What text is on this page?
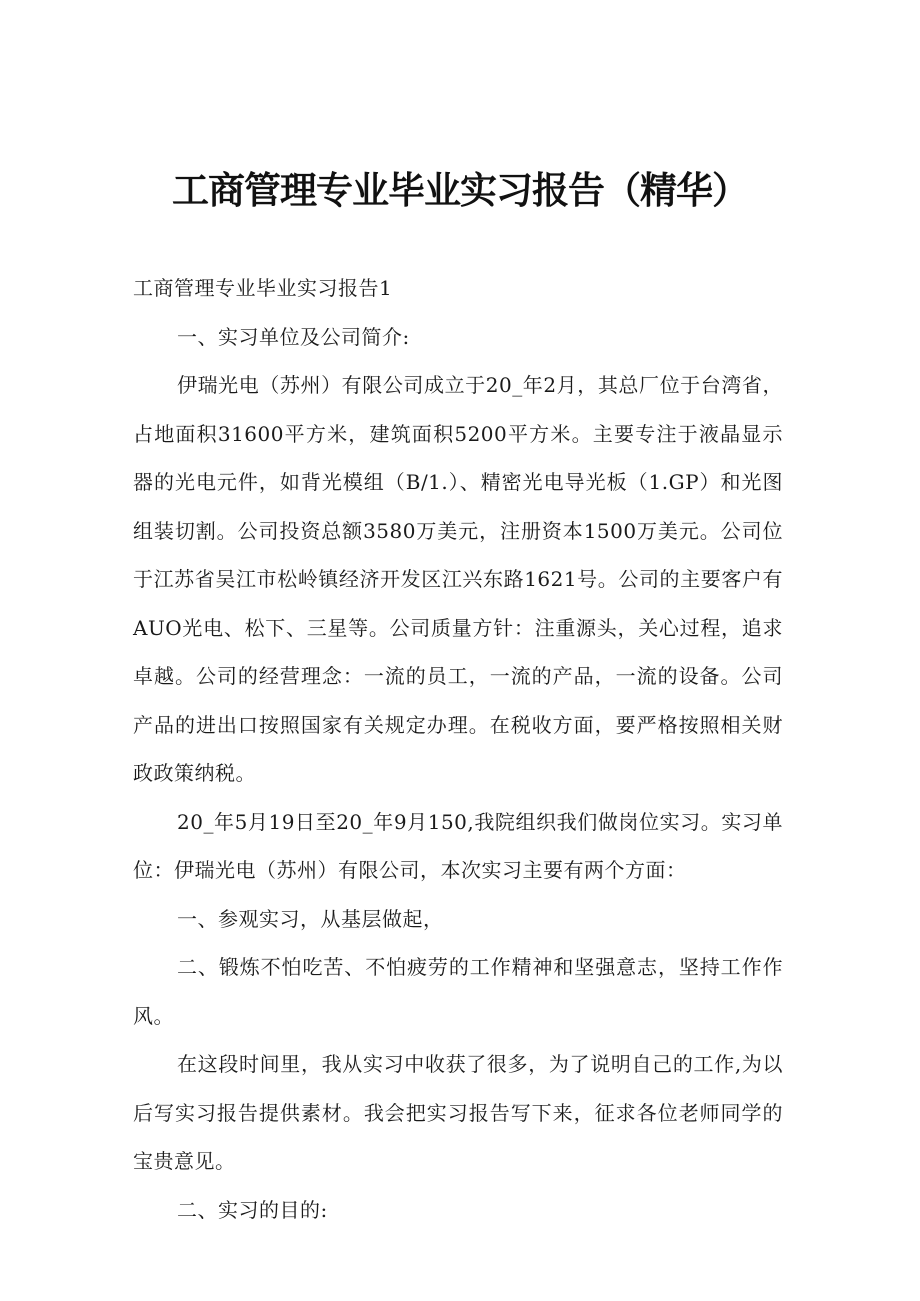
工商管理专业毕业实习报告（精华）

工商管理专业毕业实习报告1

一、实习单位及公司简介:

伊瑞光电（苏州）有限公司成立于20_年2月，其总厂位于台湾省，占地面积31600平方米，建筑面积5200平方米。主要专注于液晶显示器的光电元件，如背光模组（B/1.）、精密光电导光板（1.GP）和光图组装切割。公司投资总额3580万美元，注册资本1500万美元。公司位于江苏省吴江市松岭镇经济开发区江兴东路1621号。公司的主要客户有AUO光电、松下、三星等。公司质量方针：注重源头，关心过程，追求卓越。公司的经营理念：一流的员工，一流的产品，一流的设备。公司产品的进出口按照国家有关规定办理。在税收方面，要严格按照相关财政政策纳税。

20_年5月19日至20_年9月150,我院组织我们做岗位实习。实习单位：伊瑞光电（苏州）有限公司，本次实习主要有两个方面：

一、参观实习，从基层做起，

二、锻炼不怕吃苦、不怕疲劳的工作精神和坚强意志，坚持工作作风。

在这段时间里，我从实习中收获了很多，为了说明自己的工作,为以后写实习报告提供素材。我会把实习报告写下来，征求各位老师同学的宝贵意见。

二、实习的目的:
